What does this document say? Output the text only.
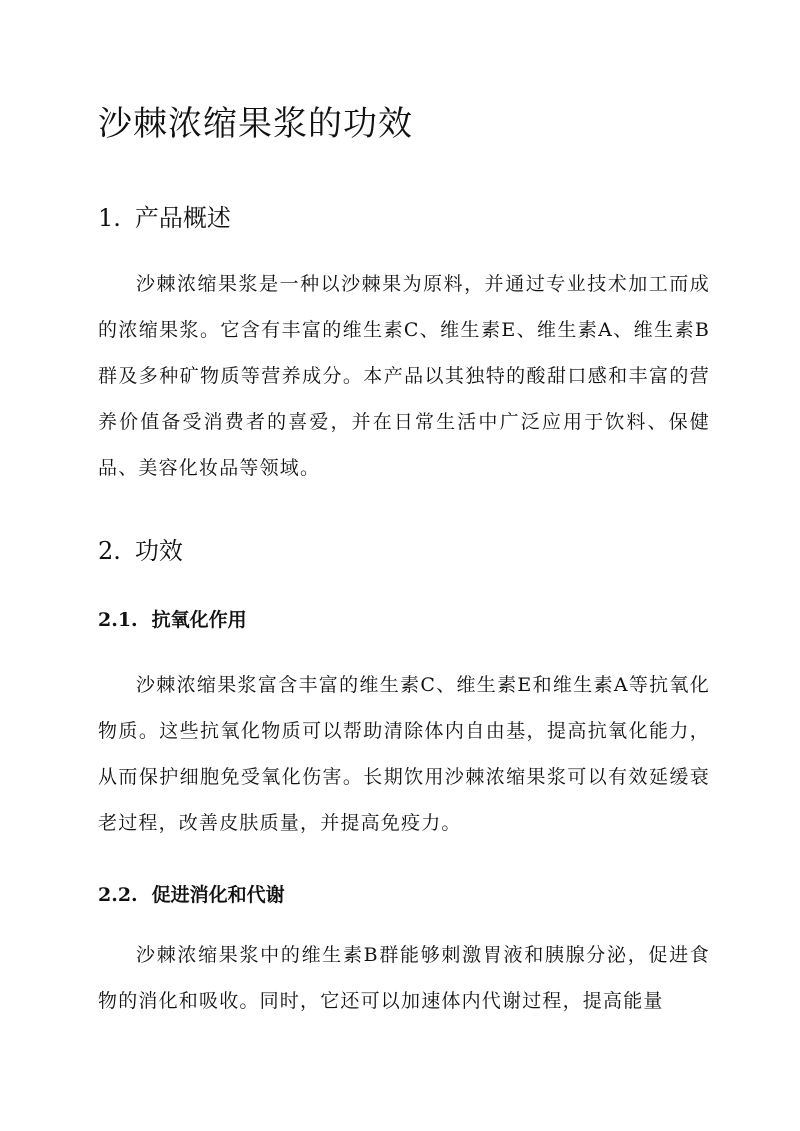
沙棘浓缩果浆的功效
1. 产品概述

沙棘浓缩果浆是一种以沙棘果为原料，并通过专业技术加工而成的浓缩果浆。它含有丰富的维生素C、维生素E、维生素A、维生素B群及多种矿物质等营养成分。本产品以其独特的酸甜口感和丰富的营养价值备受消费者的喜爱，并在日常生活中广泛应用于饮料、保健品、美容化妆品等领域。

2. 功效
2.1. 抗氧化作用

沙棘浓缩果浆富含丰富的维生素C、维生素E和维生素A等抗氧化物质。这些抗氧化物质可以帮助清除体内自由基，提高抗氧化能力，从而保护细胞免受氧化伤害。长期饮用沙棘浓缩果浆可以有效延缓衰老过程，改善皮肤质量，并提高免疫力。

2.2. 促进消化和代谢

沙棘浓缩果浆中的维生素B群能够刺激胃液和胰腺分泌，促进食物的消化和吸收。同时，它还可以加速体内代谢过程，提高能量
